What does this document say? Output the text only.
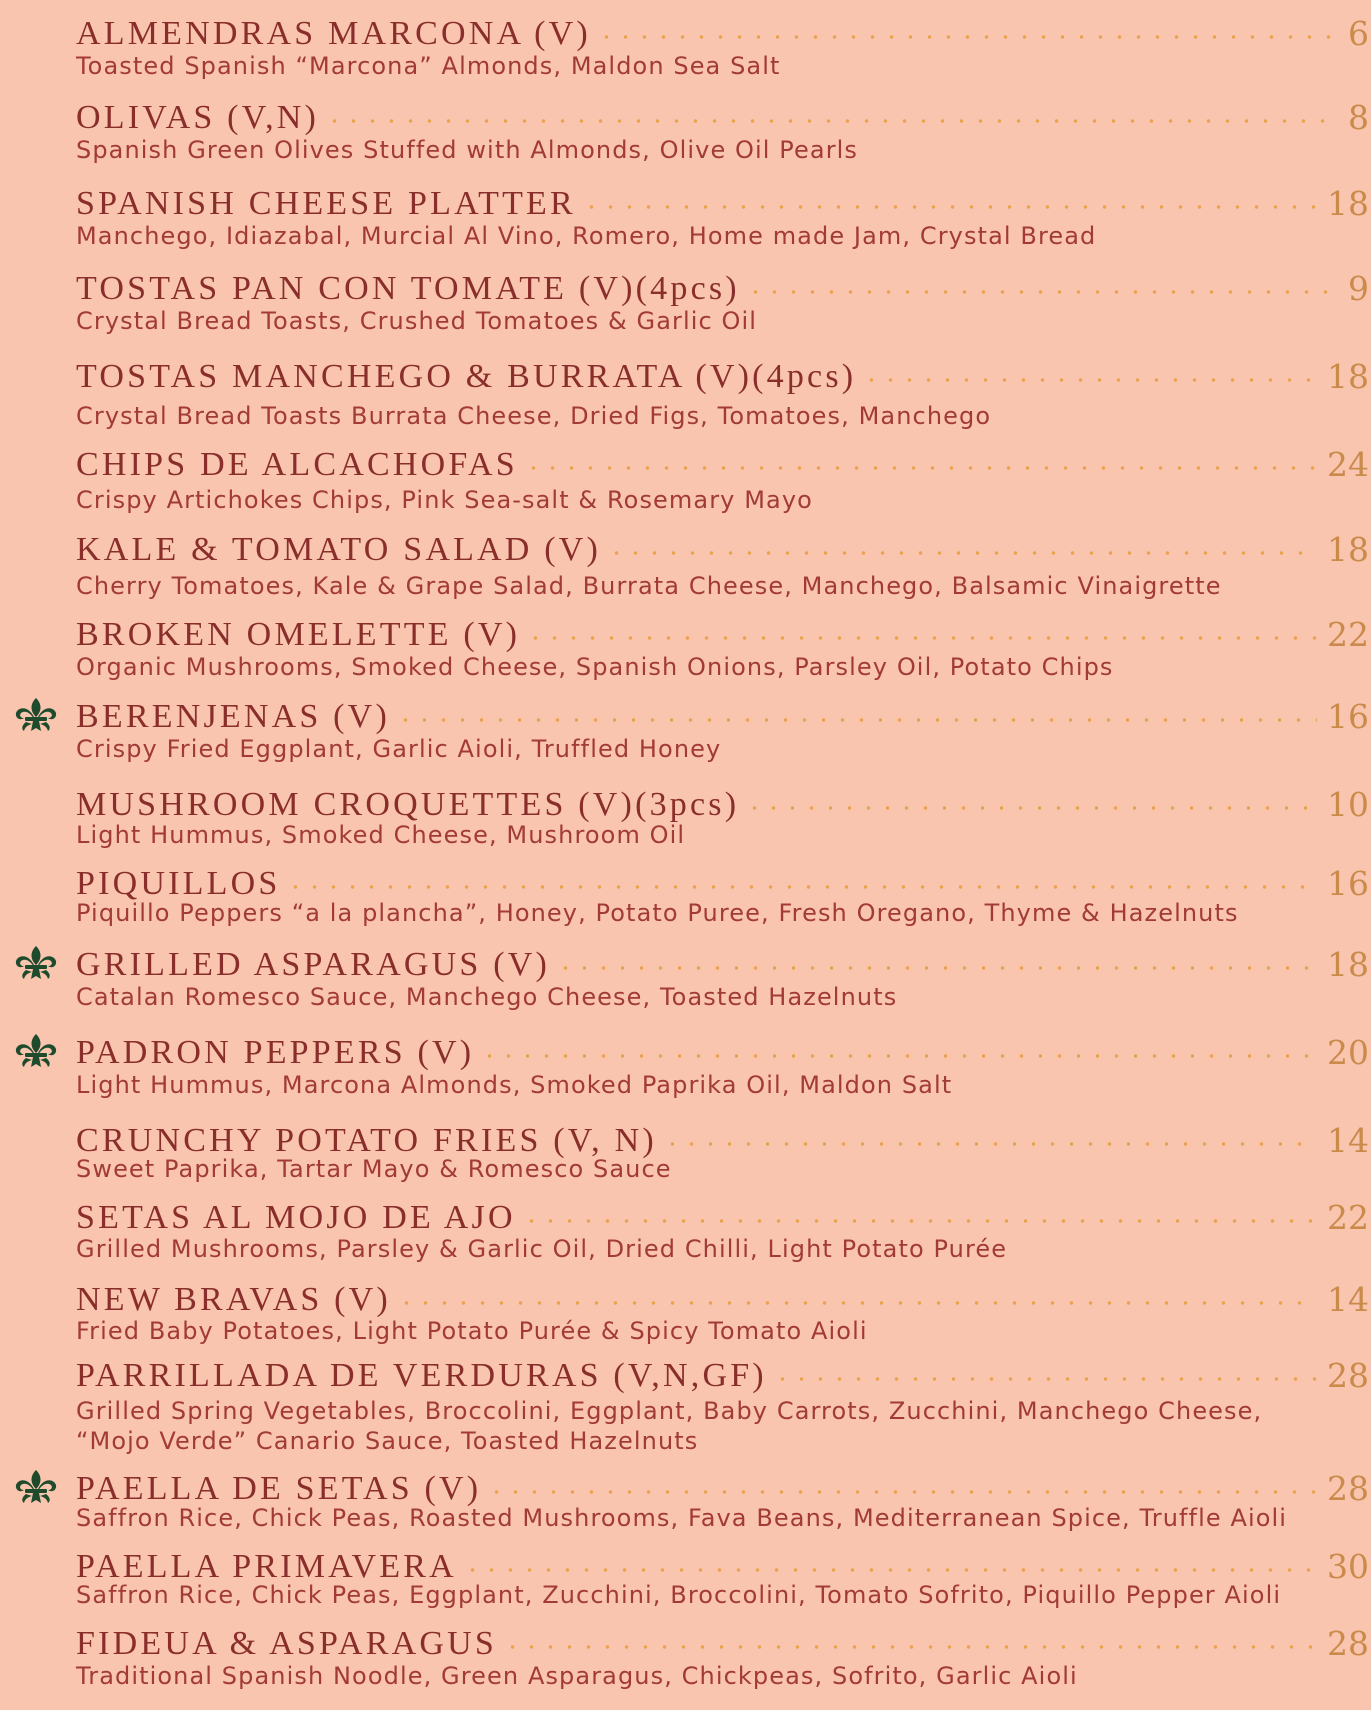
ALMENDRAS MARCONA (V)	6
Toasted Spanish “Marcona” Almonds, Maldon Sea Salt
OLIVAS (V,N)	8
Spanish Green Olives Stuffed with Almonds, Olive Oil Pearls
SPANISH CHEESE PLATTER	18
Manchego, Idiazabal, Murcial Al Vino, Romero, Home made Jam, Crystal Bread
TOSTAS PAN CON TOMATE (V)(4pcs)	9
Crystal Bread Toasts, Crushed Tomatoes & Garlic Oil
TOSTAS MANCHEGO & BURRATA (V)(4pcs)	18
Crystal Bread Toasts Burrata Cheese, Dried Figs, Tomatoes, Manchego
CHIPS DE ALCACHOFAS	24
Crispy Artichokes Chips, Pink Sea-salt & Rosemary Mayo
KALE & TOMATO SALAD (V)	18
Cherry Tomatoes, Kale & Grape Salad, Burrata Cheese, Manchego, Balsamic Vinaigrette
BROKEN OMELETTE (V)	22
Organic Mushrooms, Smoked Cheese, Spanish Onions, Parsley Oil, Potato Chips
BERENJENAS (V)	16
Crispy Fried Eggplant, Garlic Aioli, Truffled Honey
MUSHROOM CROQUETTES (V)(3pcs)	10
Light Hummus, Smoked Cheese, Mushroom Oil
PIQUILLOS	16
Piquillo Peppers “a la plancha”, Honey, Potato Puree, Fresh Oregano, Thyme & Hazelnuts
GRILLED ASPARAGUS (V)	18
Catalan Romesco Sauce, Manchego Cheese, Toasted Hazelnuts
PADRON PEPPERS (V)	20
Light Hummus, Marcona Almonds, Smoked Paprika Oil, Maldon Salt
CRUNCHY POTATO FRIES (V, N)	14
Sweet Paprika, Tartar Mayo & Romesco Sauce
SETAS AL MOJO DE AJO	22
Grilled Mushrooms, Parsley & Garlic Oil, Dried Chilli, Light Potato Purée
NEW BRAVAS (V)	14
Fried Baby Potatoes, Light Potato Purée & Spicy Tomato Aioli
PARRILLADA DE VERDURAS (V,N,GF)	28
Grilled Spring Vegetables, Broccolini, Eggplant, Baby Carrots, Zucchini, Manchego Cheese,
“Mojo Verde” Canario Sauce, Toasted Hazelnuts
PAELLA DE SETAS (V)	28
Saffron Rice, Chick Peas, Roasted Mushrooms, Fava Beans, Mediterranean Spice, Truffle Aioli
PAELLA PRIMAVERA	30
Saffron Rice, Chick Peas, Eggplant, Zucchini, Broccolini, Tomato Sofrito, Piquillo Pepper Aioli
FIDEUA & ASPARAGUS	28
Traditional Spanish Noodle, Green Asparagus, Chickpeas, Sofrito, Garlic Aioli
